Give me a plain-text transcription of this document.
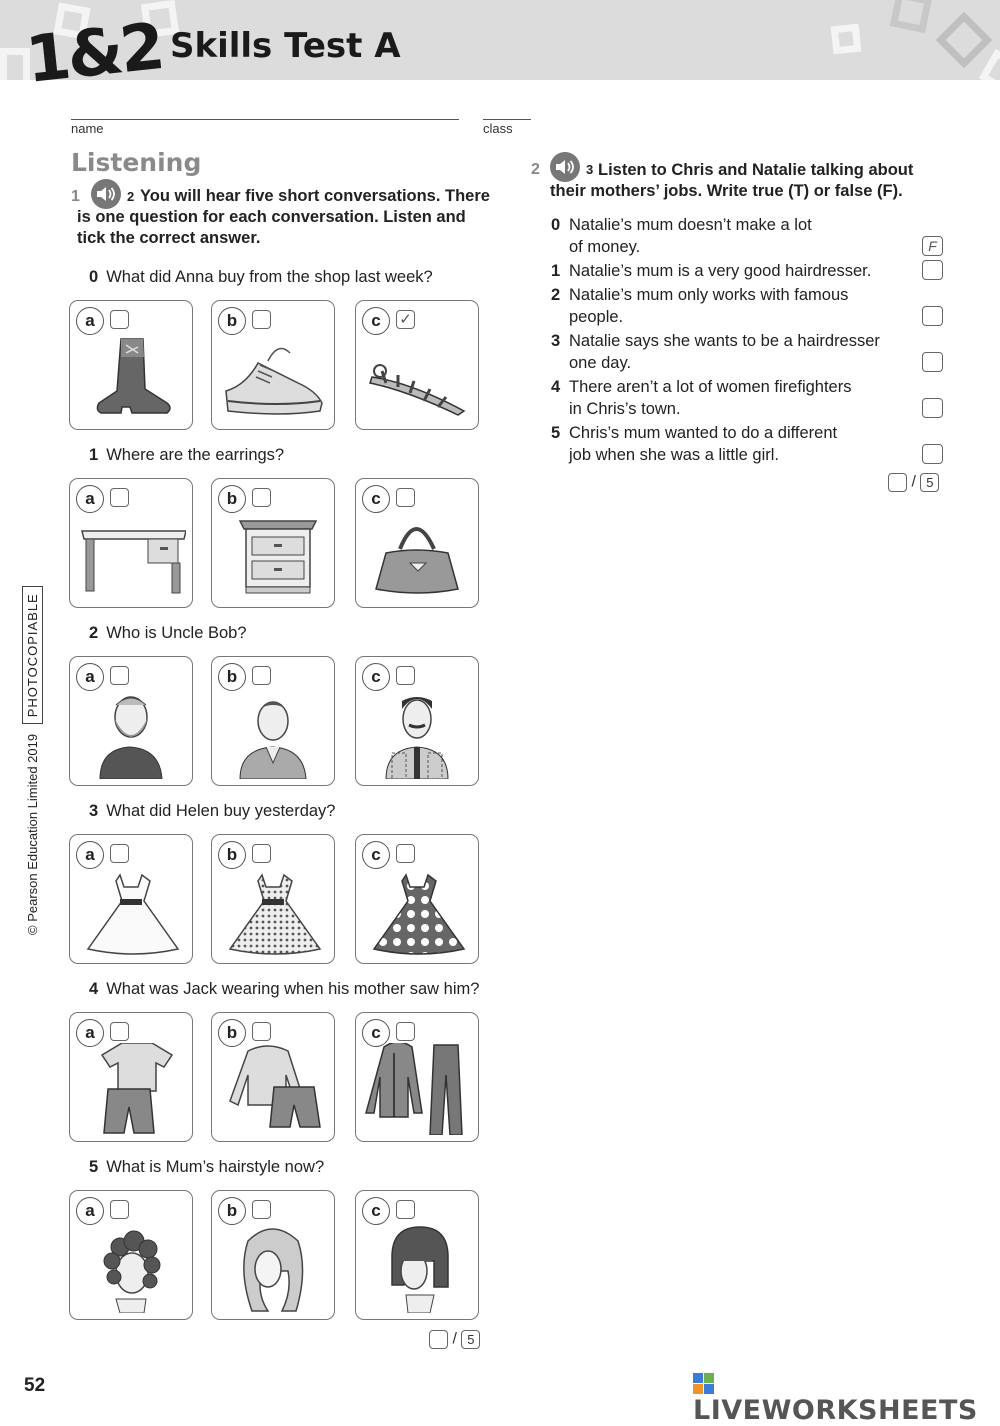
1&2 Skills Test A
name	class
Listening
1	2 You will hear five short conversations. There
is one question for each conversation. Listen and
tick the correct answer.
0 What did Anna buy from the shop last week?
a	b	c	✓
1 Where are the earrings?
a	b	c
2 Who is Uncle Bob?
a	b	c
3 What did Helen buy yesterday?
a	b	c
4 What was Jack wearing when his mother saw him?
a	b	c
5 What is Mum’s hairstyle now?
a	b	c
/ 5
2	3 Listen to Chris and Natalie talking about
their mothers’ jobs. Write true (T) or false (F).
0 Natalie’s mum doesn’t make a lot
of money.	F
1 Natalie’s mum is a very good hairdresser.
2 Natalie’s mum only works with famous
people.
3 Natalie says she wants to be a hairdresser
one day.
4 There aren’t a lot of women firefighters
in Chris’s town.
5 Chris’s mum wanted to do a different
job when she was a little girl.
/ 5
© Pearson Education Limited 2019 PHOTOCOPIABLE
52
LIVEWORKSHEETS
